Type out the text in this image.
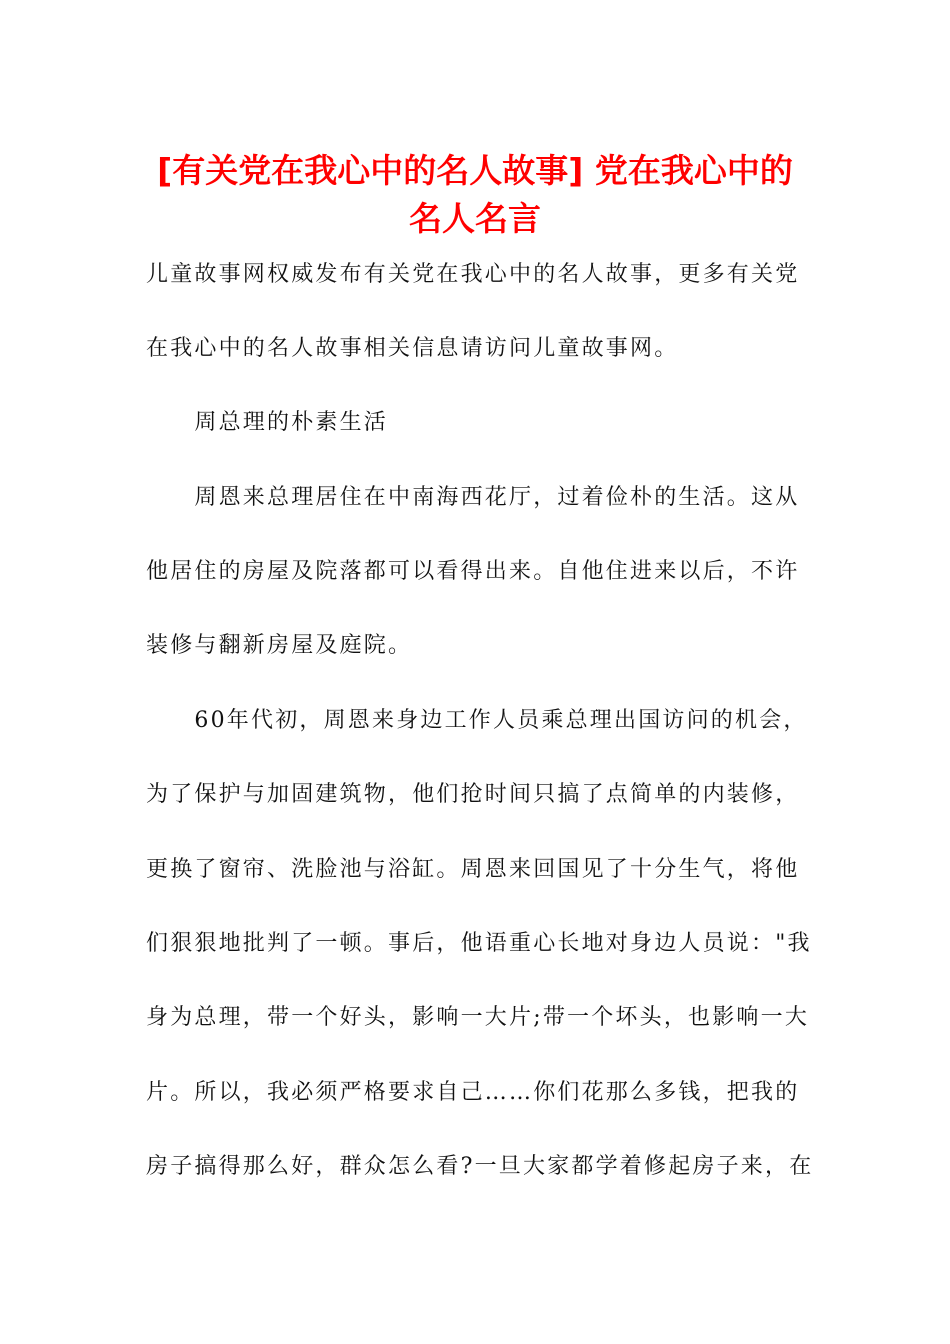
[有关党在我心中的名人故事] 党在我心中的
名人名言

儿童故事网权威发布有关党在我心中的名人故事，更多有关党

在我心中的名人故事相关信息请访问儿童故事网。

　　周总理的朴素生活

　　周恩来总理居住在中南海西花厅，过着俭朴的生活。这从

他居住的房屋及院落都可以看得出来。自他住进来以后，不许

装修与翻新房屋及庭院。

　　60年代初，周恩来身边工作人员乘总理出国访问的机会，

为了保护与加固建筑物，他们抢时间只搞了点简单的内装修，

更换了窗帘、洗脸池与浴缸。周恩来回国见了十分生气，将他

们狠狠地批判了一顿。事后，他语重心长地对身边人员说："我

身为总理，带一个好头，影响一大片;带一个坏头，也影响一大

片。所以，我必须严格要求自己……你们花那么多钱，把我的

房子搞得那么好，群众怎么看?一旦大家都学着修起房子来，在
